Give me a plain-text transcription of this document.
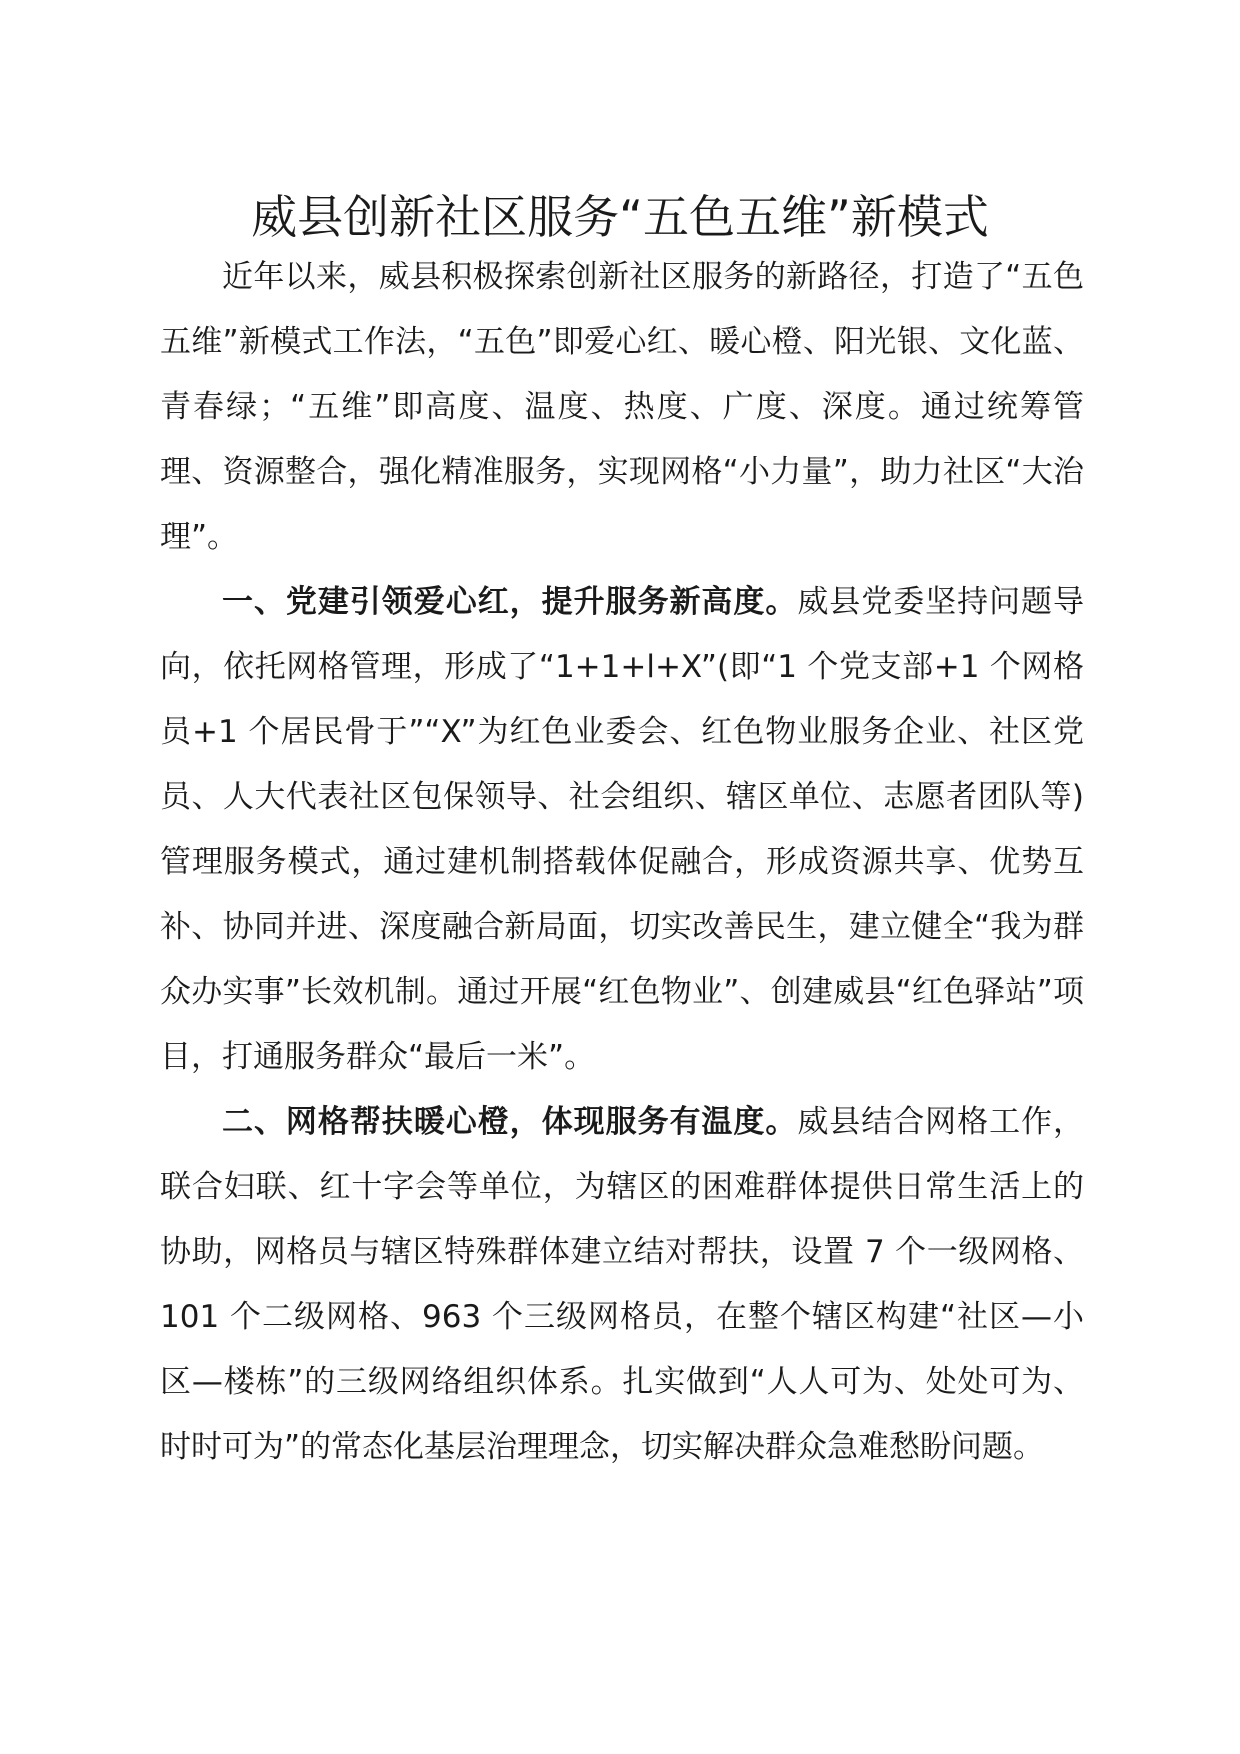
威县创新社区服务“五色五维”新模式

近年以来，威县积极探索创新社区服务的新路径，打造了“五色五维”新模式工作法，“五色”即爱心红、暖心橙、阳光银、文化蓝、青春绿；“五维”即高度、温度、热度、广度、深度。通过统筹管理、资源整合，强化精准服务，实现网格“小力量”，助力社区“大治理”。

一、党建引领爱心红，提升服务新高度。威县党委坚持问题导向，依托网格管理，形成了“1+1+l+X”(即“1 个党支部+1 个网格员+1 个居民骨于”“X”为红色业委会、红色物业服务企业、社区党员、人大代表社区包保领导、社会组织、辖区单位、志愿者团队等)管理服务模式，通过建机制搭载体促融合，形成资源共享、优势互补、协同并进、深度融合新局面，切实改善民生，建立健全“我为群众办实事”长效机制。通过开展“红色物业”、创建威县“红色驿站”项目，打通服务群众“最后一米”。

二、网格帮扶暖心橙，体现服务有温度。威县结合网格工作，联合妇联、红十字会等单位，为辖区的困难群体提供日常生活上的协助，网格员与辖区特殊群体建立结对帮扶，设置 7 个一级网格、101 个二级网格、963 个三级网格员，在整个辖区构建“社区—小区—楼栋”的三级网络组织体系。扎实做到“人人可为、处处可为、时时可为”的常态化基层治理理念，切实解决群众急难愁盼问题。
